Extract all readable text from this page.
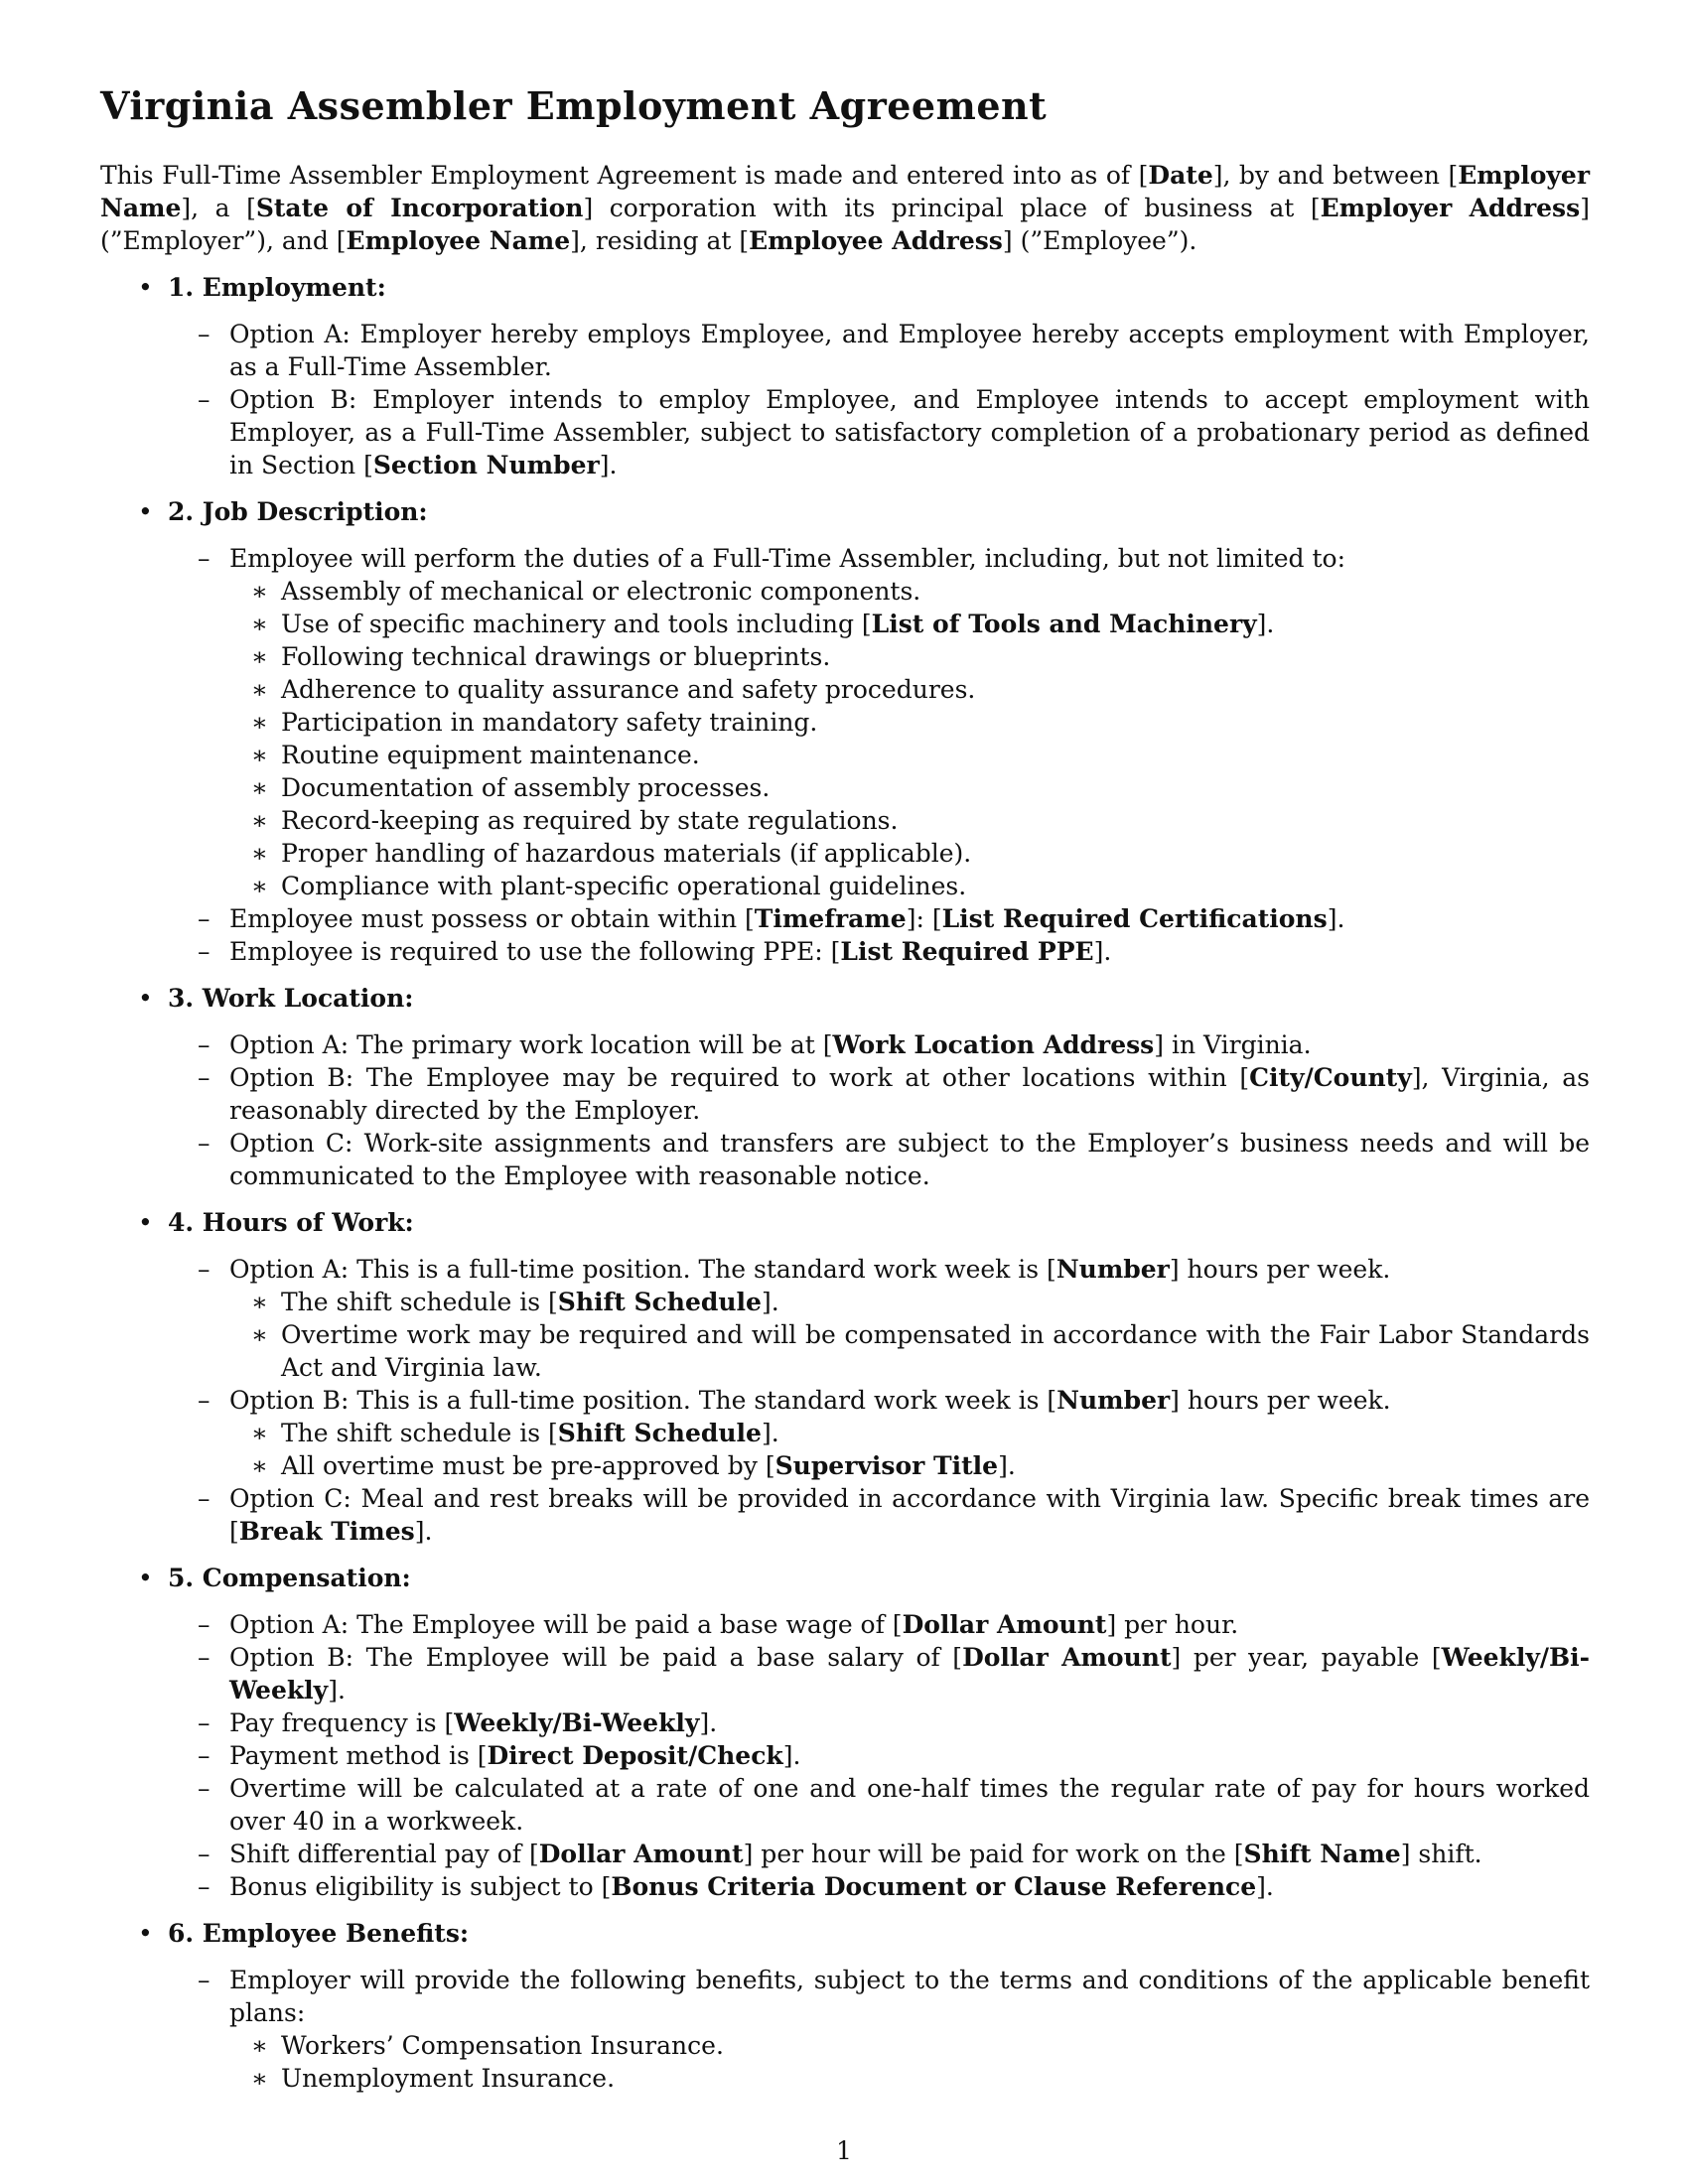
Virginia Assembler Employment Agreement

This Full-Time Assembler Employment Agreement is made and entered into as of [Date], by and between [Employer Name], a [State of Incorporation] corporation with its principal place of business at [Employer Address] (”Employer”), and [Employee Name], residing at [Employee Address] (”Employee”).

• 1. Employment:
– Option A: Employer hereby employs Employee, and Employee hereby accepts employment with Employer, as a Full-Time Assembler.
– Option B: Employer intends to employ Employee, and Employee intends to accept employment with Employer, as a Full-Time Assembler, subject to satisfactory completion of a probationary period as defined in Section [Section Number].
• 2. Job Description:
– Employee will perform the duties of a Full-Time Assembler, including, but not limited to:
∗ Assembly of mechanical or electronic components.
∗ Use of specific machinery and tools including [List of Tools and Machinery].
∗ Following technical drawings or blueprints.
∗ Adherence to quality assurance and safety procedures.
∗ Participation in mandatory safety training.
∗ Routine equipment maintenance.
∗ Documentation of assembly processes.
∗ Record-keeping as required by state regulations.
∗ Proper handling of hazardous materials (if applicable).
∗ Compliance with plant-specific operational guidelines.
– Employee must possess or obtain within [Timeframe]: [List Required Certifications].
– Employee is required to use the following PPE: [List Required PPE].
• 3. Work Location:
– Option A: The primary work location will be at [Work Location Address] in Virginia.
– Option B: The Employee may be required to work at other locations within [City/County], Virginia, as reasonably directed by the Employer.
– Option C: Work-site assignments and transfers are subject to the Employer’s business needs and will be communicated to the Employee with reasonable notice.
• 4. Hours of Work:
– Option A: This is a full-time position. The standard work week is [Number] hours per week.
∗ The shift schedule is [Shift Schedule].
∗ Overtime work may be required and will be compensated in accordance with the Fair Labor Standards Act and Virginia law.
– Option B: This is a full-time position. The standard work week is [Number] hours per week.
∗ The shift schedule is [Shift Schedule].
∗ All overtime must be pre-approved by [Supervisor Title].
– Option C: Meal and rest breaks will be provided in accordance with Virginia law. Specific break times are [Break Times].
• 5. Compensation:
– Option A: The Employee will be paid a base wage of [Dollar Amount] per hour.
– Option B: The Employee will be paid a base salary of [Dollar Amount] per year, payable [Weekly/Bi-Weekly].
– Pay frequency is [Weekly/Bi-Weekly].
– Payment method is [Direct Deposit/Check].
– Overtime will be calculated at a rate of one and one-half times the regular rate of pay for hours worked over 40 in a workweek.
– Shift differential pay of [Dollar Amount] per hour will be paid for work on the [Shift Name] shift.
– Bonus eligibility is subject to [Bonus Criteria Document or Clause Reference].
• 6. Employee Benefits:
– Employer will provide the following benefits, subject to the terms and conditions of the applicable benefit plans:
∗ Workers’ Compensation Insurance.
∗ Unemployment Insurance.
1
